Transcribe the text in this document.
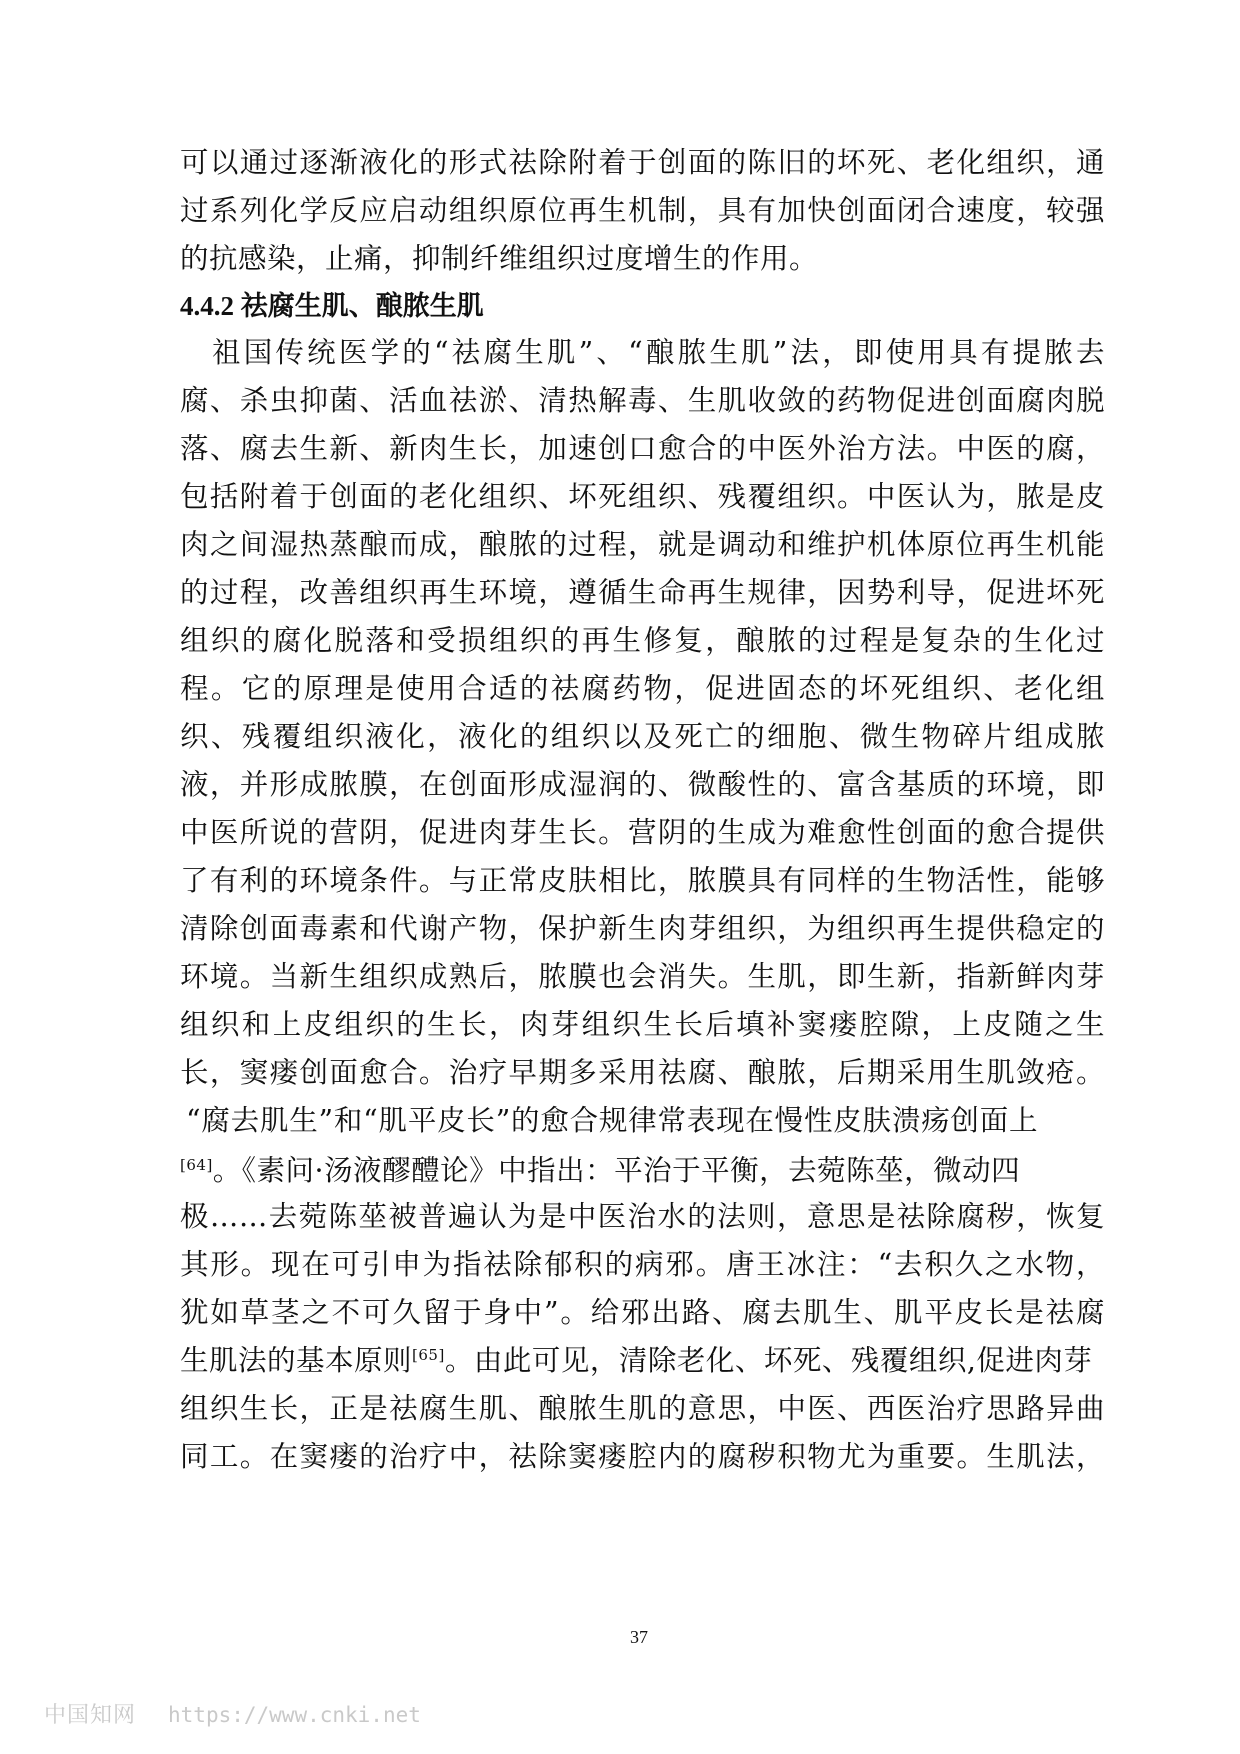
可以通过逐渐液化的形式祛除附着于创面的陈旧的坏死、老化组织，通
过系列化学反应启动组织原位再生机制，具有加快创面闭合速度，较强
的抗感染，止痛，抑制纤维组织过度增生的作用。
4.4.2 祛腐生肌、酿脓生肌
祖国传统医学的“祛腐生肌”、“酿脓生肌”法，即使用具有提脓去
腐、杀虫抑菌、活血祛淤、清热解毒、生肌收敛的药物促进创面腐肉脱
落、腐去生新、新肉生长，加速创口愈合的中医外治方法。中医的腐，
包括附着于创面的老化组织、坏死组织、残覆组织。中医认为，脓是皮
肉之间湿热蒸酿而成，酿脓的过程，就是调动和维护机体原位再生机能
的过程，改善组织再生环境，遵循生命再生规律，因势利导，促进坏死
组织的腐化脱落和受损组织的再生修复，酿脓的过程是复杂的生化过
程。它的原理是使用合适的祛腐药物，促进固态的坏死组织、老化组
织、残覆组织液化，液化的组织以及死亡的细胞、微生物碎片组成脓
液，并形成脓膜，在创面形成湿润的、微酸性的、富含基质的环境，即
中医所说的营阴，促进肉芽生长。营阴的生成为难愈性创面的愈合提供
了有利的环境条件。与正常皮肤相比，脓膜具有同样的生物活性，能够
清除创面毒素和代谢产物，保护新生肉芽组织，为组织再生提供稳定的
环境。当新生组织成熟后，脓膜也会消失。生肌，即生新，指新鲜肉芽
组织和上皮组织的生长，肉芽组织生长后填补窦瘘腔隙，上皮随之生
长，窦瘘创面愈合。治疗早期多采用祛腐、酿脓，后期采用生肌敛疮。
“腐去肌生”和“肌平皮长”的愈合规律常表现在慢性皮肤溃疡创面上
[64]。《素问·汤液醪醴论》中指出：平治于平衡，去菀陈莝，微动四
极……去菀陈莝被普遍认为是中医治水的法则，意思是祛除腐秽，恢复
其形。现在可引申为指祛除郁积的病邪。唐王冰注：“去积久之水物，
犹如草茎之不可久留于身中”。给邪出路、腐去肌生、肌平皮长是祛腐
生肌法的基本原则[65]。由此可见，清除老化、坏死、残覆组织,促进肉芽
组织生长，正是祛腐生肌、酿脓生肌的意思，中医、西医治疗思路异曲
同工。在窦瘘的治疗中，祛除窦瘘腔内的腐秽积物尤为重要。生肌法，
37
中国知网 https://www.cnki.net
